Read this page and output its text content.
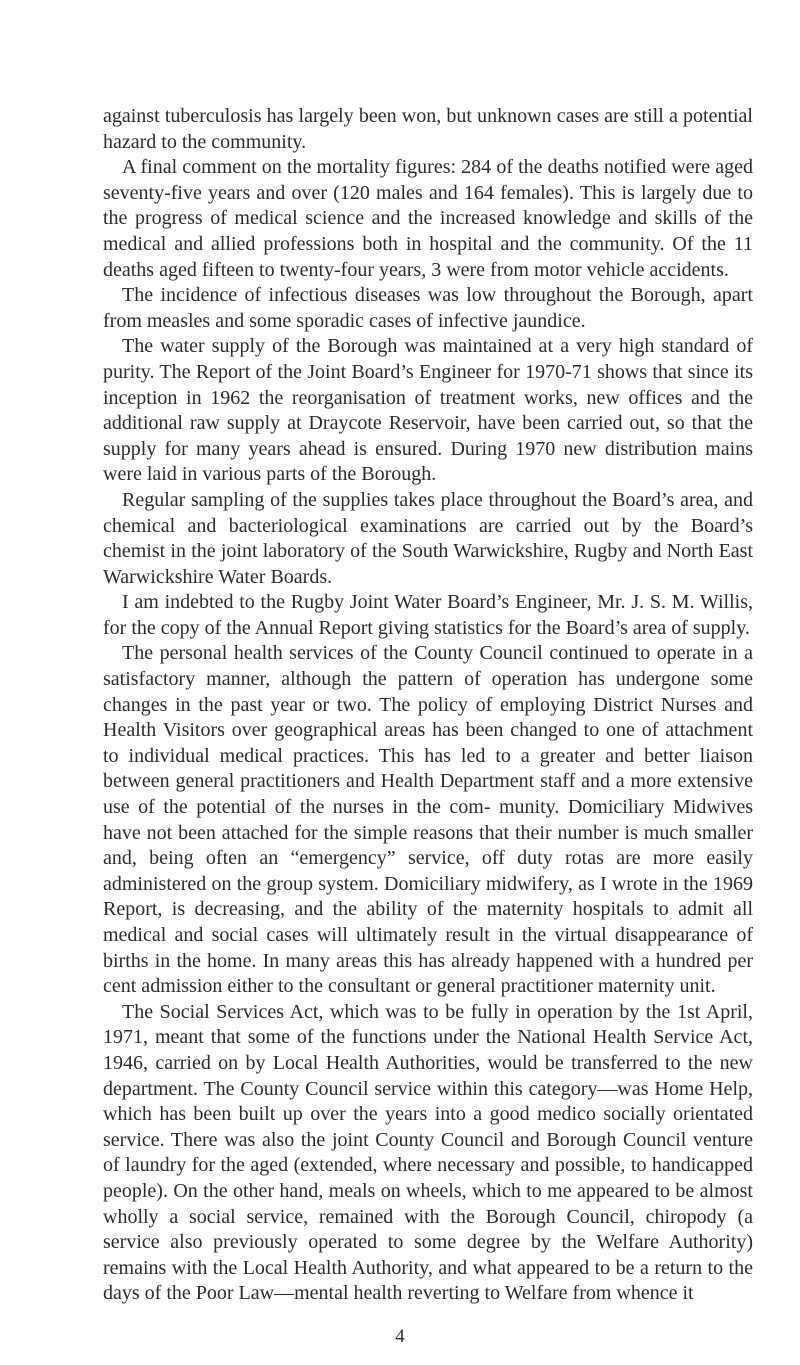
against tuberculosis has largely been won, but unknown cases are still a potential hazard to the community.

A final comment on the mortality figures: 284 of the deaths notified were aged seventy-five years and over (120 males and 164 females). This is largely due to the progress of medical science and the increased knowledge and skills of the medical and allied professions both in hospital and the community. Of the 11 deaths aged fifteen to twenty-four years, 3 were from motor vehicle accidents.

The incidence of infectious diseases was low throughout the Borough, apart from measles and some sporadic cases of infective jaundice.

The water supply of the Borough was maintained at a very high standard of purity. The Report of the Joint Board’s Engineer for 1970-71 shows that since its inception in 1962 the reorganisation of treatment works, new offices and the additional raw supply at Draycote Reservoir, have been carried out, so that the supply for many years ahead is ensured. During 1970 new distribution mains were laid in various parts of the Borough.

Regular sampling of the supplies takes place throughout the Board’s area, and chemical and bacteriological examinations are carried out by the Board’s chemist in the joint laboratory of the South Warwickshire, Rugby and North East Warwickshire Water Boards.

I am indebted to the Rugby Joint Water Board’s Engineer, Mr. J. S. M. Willis, for the copy of the Annual Report giving statistics for the Board’s area of supply.

The personal health services of the County Council continued to operate in a satisfactory manner, although the pattern of operation has undergone some changes in the past year or two. The policy of employing District Nurses and Health Visitors over geographical areas has been changed to one of attachment to individual medical practices. This has led to a greater and better liaison between general practitioners and Health Department staff and a more extensive use of the potential of the nurses in the com- munity. Domiciliary Midwives have not been attached for the simple reasons that their number is much smaller and, being often an “emergency” service, off duty rotas are more easily administered on the group system. Domiciliary midwifery, as I wrote in the 1969 Report, is decreasing, and the ability of the maternity hospitals to admit all medical and social cases will ultimately result in the virtual disappearance of births in the home. In many areas this has already happened with a hundred per cent admission either to the consultant or general practitioner maternity unit.

The Social Services Act, which was to be fully in operation by the 1st April, 1971, meant that some of the functions under the National Health Service Act, 1946, carried on by Local Health Authorities, would be transferred to the new department. The County Council service within this category—was Home Help, which has been built up over the years into a good medico socially orientated service. There was also the joint County Council and Borough Council venture of laundry for the aged (extended, where necessary and possible, to handicapped people). On the other hand, meals on wheels, which to me appeared to be almost wholly a social service, remained with the Borough Council, chiropody (a service also previously operated to some degree by the Welfare Authority) remains with the Local Health Authority, and what appeared to be a return to the days of the Poor Law—mental health reverting to Welfare from whence it

4
